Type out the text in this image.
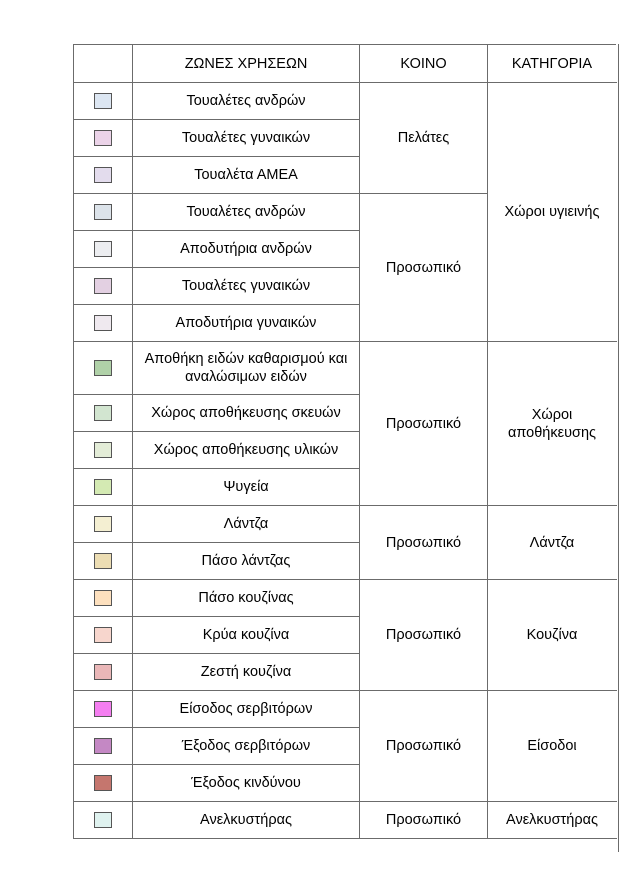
	ΖΩΝΕΣ ΧΡΗΣΕΩΝ	ΚΟΙΝΟ	ΚΑΤΗΓΟΡΙΑ
	Τουαλέτες ανδρών	Πελάτες	Χώροι υγιεινής
	Τουαλέτες γυναικών		
	Τουαλέτα ΑΜΕΑ		
	Τουαλέτες ανδρών	Προσωπικό	
	Αποδυτήρια ανδρών		
	Τουαλέτες γυναικών		
	Αποδυτήρια γυναικών		
	Αποθήκη ειδών καθαρισμού και αναλώσιμων ειδών	Προσωπικό	Χώροι αποθήκευσης
	Χώρος αποθήκευσης σκευών		
	Χώρος αποθήκευσης υλικών		
	Ψυγεία		
	Λάντζα	Προσωπικό	Λάντζα
	Πάσο λάντζας		
	Πάσο κουζίνας	Προσωπικό	Κουζίνα
	Κρύα κουζίνα		
	Ζεστή κουζίνα		
	Είσοδος σερβιτόρων	Προσωπικό	Είσοδοι
	Έξοδος σερβιτόρων		
	Έξοδος κινδύνου		
	Ανελκυστήρας	Προσωπικό	Ανελκυστήρας
